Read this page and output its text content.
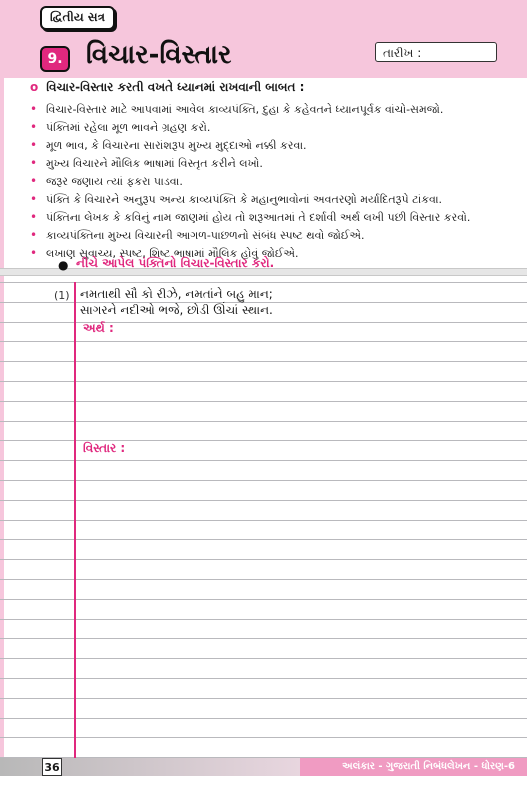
દ્વિતીય સત્ર
9. વિચાર-વિસ્તાર	તારીખ :
o વિચાર-વિસ્તાર કરતી વખતે ધ્યાનમાં રાખવાની બાબત :
• વિચાર-વિસ્તાર માટે આપવામાં આવેલ કાવ્યપંક્તિ, દુહા કે કહેવતને ધ્યાનપૂર્વક વાંચો-સમજો.
• પંક્તિમાં રહેલા મૂળ ભાવને ગ્રહણ કરો.
• મૂળ ભાવ, કે વિચારના સારાંશરૂપ મુખ્ય મુદ્દાઓ નક્કી કરવા.
• મુખ્ય વિચારને મૌલિક ભાષામાં વિસ્તૃત કરીને લખો.
• જરૂર જણાય ત્યાં ફકરા પાડવા.
• પંક્તિ કે વિચારને અનુરૂપ અન્ય કાવ્યપંક્તિ કે મહાનુભાવોનાં અવતરણો મર્યાદિતરૂપે ટાંકવા.
• પંક્તિના લેખક કે કવિનું નામ જાણમાં હોય તો શરૂઆતમાં તે દર્શાવી અર્થ લખી પછી વિસ્તાર કરવો.
• કાવ્યપંક્તિના મુખ્ય વિચારની આગળ-પાછળનો સંબંધ સ્પષ્ટ થવો જોઈએ.
• લખાણ સુવાચ્ય, સ્પષ્ટ, શિષ્ટ ભાષામાં મૌલિક હોવું જોઈએ.
● નીચે આપેલ પંક્તિનો વિચાર-વિસ્તાર કરો.
(1) નમતાથી સૌ કો રીઝે, નમતાંને બહુ માન;
સાગરને નદીઓ ભજે, છોડી ઊંચાં સ્થાન.
અર્થ :
વિસ્તાર :
36	અલંકાર - ગુજરાતી નિબંધલેખન - ધોરણ-6
